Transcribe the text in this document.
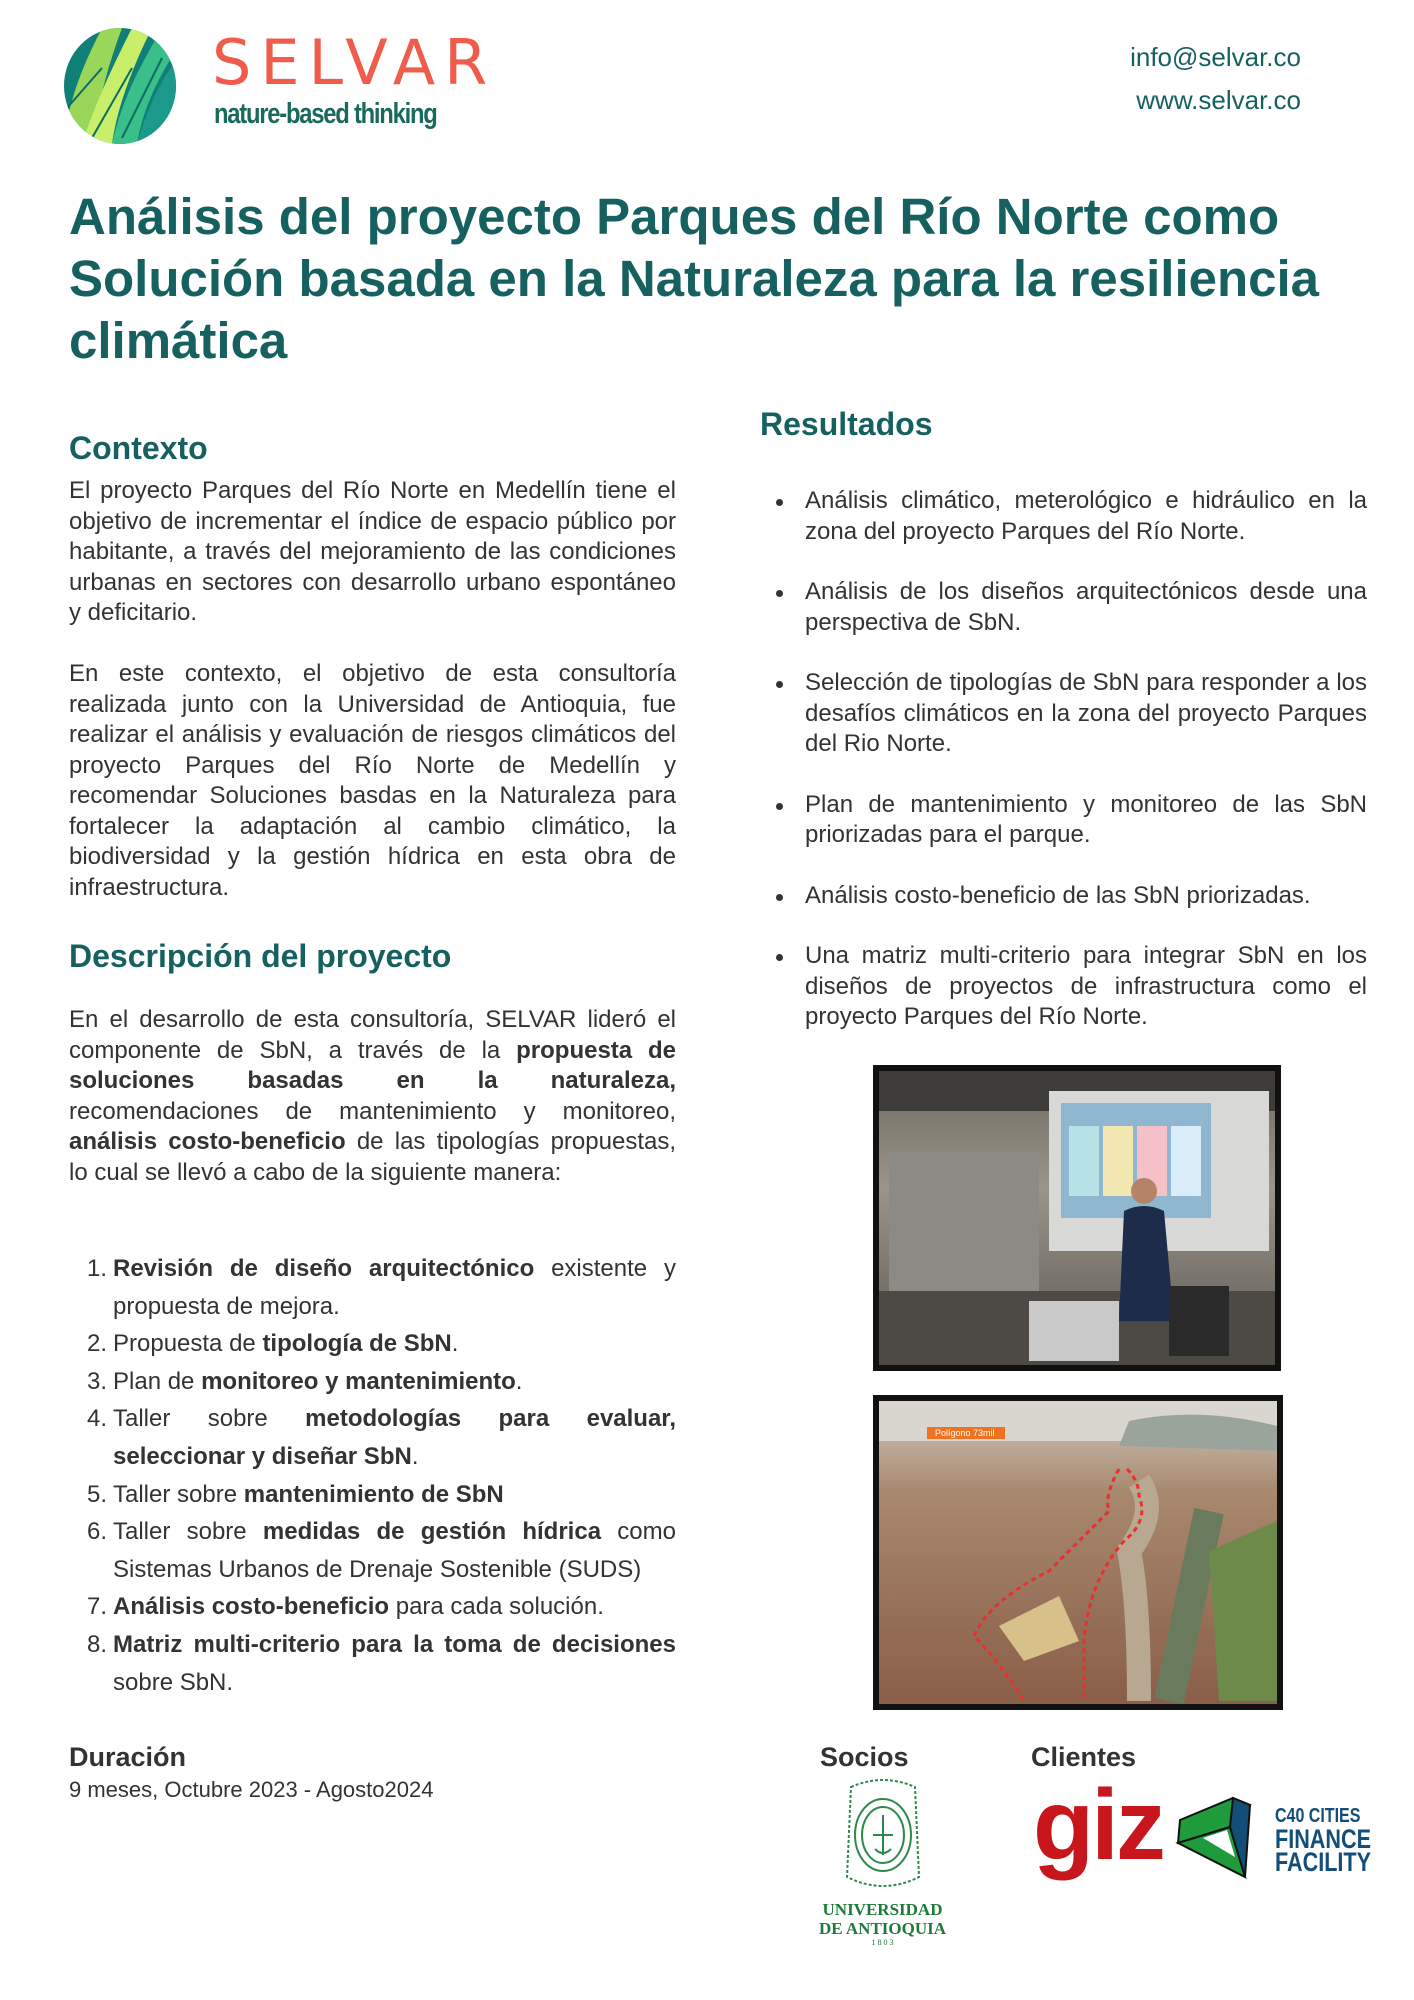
SELVAR
nature-based thinking
info@selvar.co
www.selvar.co
Análisis del proyecto Parques del Río Norte como Solución basada en la Naturaleza para la resiliencia climática
Contexto

El proyecto Parques del Río Norte en Medellín tiene el objetivo de incrementar el índice de espacio público por habitante, a través del mejoramiento de las condiciones urbanas en sectores con desarrollo urbano espontáneo y deficitario.

En este contexto, el objetivo de esta consultoría realizada junto con la Universidad de Antioquia, fue realizar el análisis y evaluación de riesgos climáticos del proyecto Parques del Río Norte de Medellín y recomendar Soluciones basdas en la Naturaleza para fortalecer la adaptación al cambio climático, la biodiversidad y la gestión hídrica en esta obra de infraestructura.

Descripción del proyecto

En el desarrollo de esta consultoría, SELVAR lideró el componente de SbN, a través de la propuesta de soluciones basadas en la naturaleza, recomendaciones de mantenimiento y monitoreo, análisis costo-beneficio de las tipologías propuestas, lo cual se llevó a cabo de la siguiente manera:

1. Revisión de diseño arquitectónico existente y propuesta de mejora.
2. Propuesta de tipología de SbN.
3. Plan de monitoreo y mantenimiento.
4. Taller sobre metodologías para evaluar, seleccionar y diseñar SbN.
5. Taller sobre mantenimiento de SbN
6. Taller sobre medidas de gestión hídrica como Sistemas Urbanos de Drenaje Sostenible (SUDS)
7. Análisis costo-beneficio para cada solución.
8. Matriz multi-criterio para la toma de decisiones sobre SbN.
Duración
9 meses, Octubre 2023 - Agosto2024
Resultados
Análisis climático, meterológico e hidráulico en la zona del proyecto Parques del Río Norte.
Análisis de los diseños arquitectónicos desde una perspectiva de SbN.
Selección de tipologías de SbN para responder a los desafíos climáticos en la zona del proyecto Parques del Rio Norte.
Plan de mantenimiento y monitoreo de las SbN priorizadas para el parque.
Análisis costo-beneficio de las SbN priorizadas.
Una matriz multi-criterio para integrar SbN en los diseños de proyectos de infrastructura como el proyecto Parques del Río Norte.
Polígono 73mil
Socios	Clientes
UNIVERSIDAD
DE ANTIOQUIA
1 8 0 3
giz	C40 CITIES
FINANCE
FACILITY
